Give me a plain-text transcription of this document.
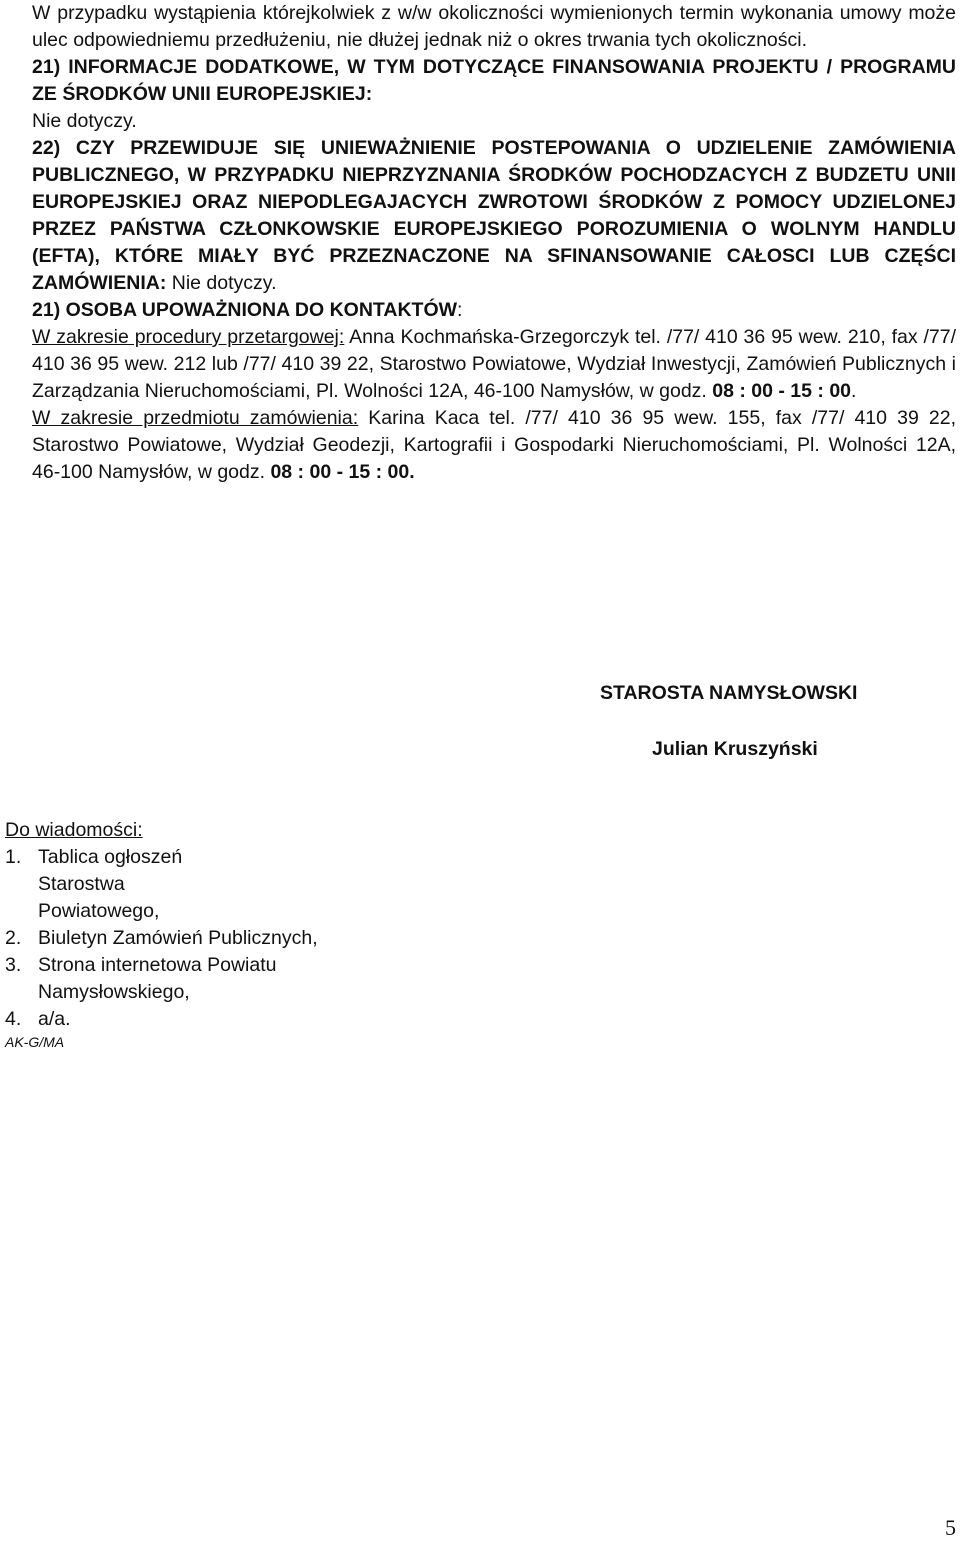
W przypadku wystąpienia którejkolwiek z w/w okoliczności wymienionych termin wykonania umowy może ulec odpowiedniemu przedłużeniu, nie dłużej jednak niż o okres trwania tych okoliczności.

21) INFORMACJE DODATKOWE, W TYM DOTYCZĄCE FINANSOWANIA PROJEKTU / PROGRAMU ZE ŚRODKÓW UNII EUROPEJSKIEJ:

Nie dotyczy.

22) CZY PRZEWIDUJE SIĘ UNIEWAŻNIENIE POSTEPOWANIA O UDZIELENIE ZAMÓWIENIA PUBLICZNEGO, W PRZYPADKU NIEPRZYZNANIA ŚRODKÓW POCHODZACYCH Z BUDZETU UNII EUROPEJSKIEJ ORAZ NIEPODLEGAJACYCH ZWROTOWI ŚRODKÓW Z POMOCY UDZIELONEJ PRZEZ PAŃSTWA CZŁONKOWSKIE EUROPEJSKIEGO POROZUMIENIA O WOLNYM HANDLU (EFTA), KTÓRE MIAŁY BYĆ PRZEZNACZONE NA SFINANSOWANIE CAŁOSCI LUB CZĘŚCI ZAMÓWIENIA: Nie dotyczy.

21) OSOBA UPOWAŻNIONA DO KONTAKTÓW:

W zakresie procedury przetargowej: Anna Kochmańska-Grzegorczyk tel. /77/ 410 36 95 wew. 210, fax /77/ 410 36 95 wew. 212 lub /77/ 410 39 22, Starostwo Powiatowe, Wydział Inwestycji, Zamówień Publicznych i Zarządzania Nieruchomościami, Pl. Wolności 12A, 46-100 Namysłów, w godz. 08 : 00 - 15 : 00.

W zakresie przedmiotu zamówienia: Karina Kaca tel. /77/ 410 36 95 wew. 155, fax /77/ 410 39 22, Starostwo Powiatowe, Wydział Geodezji, Kartografii i Gospodarki Nieruchomościami, Pl. Wolności 12A, 46-100 Namysłów, w godz. 08 : 00 - 15 : 00.

STAROSTA NAMYSŁOWSKI
Julian Kruszyński
Do wiadomości:
1. Tablica ogłoszeń Starostwa Powiatowego,
2. Biuletyn Zamówień Publicznych,
3. Strona internetowa Powiatu Namysłowskiego,
4. a/a.
AK-G/MA
5
